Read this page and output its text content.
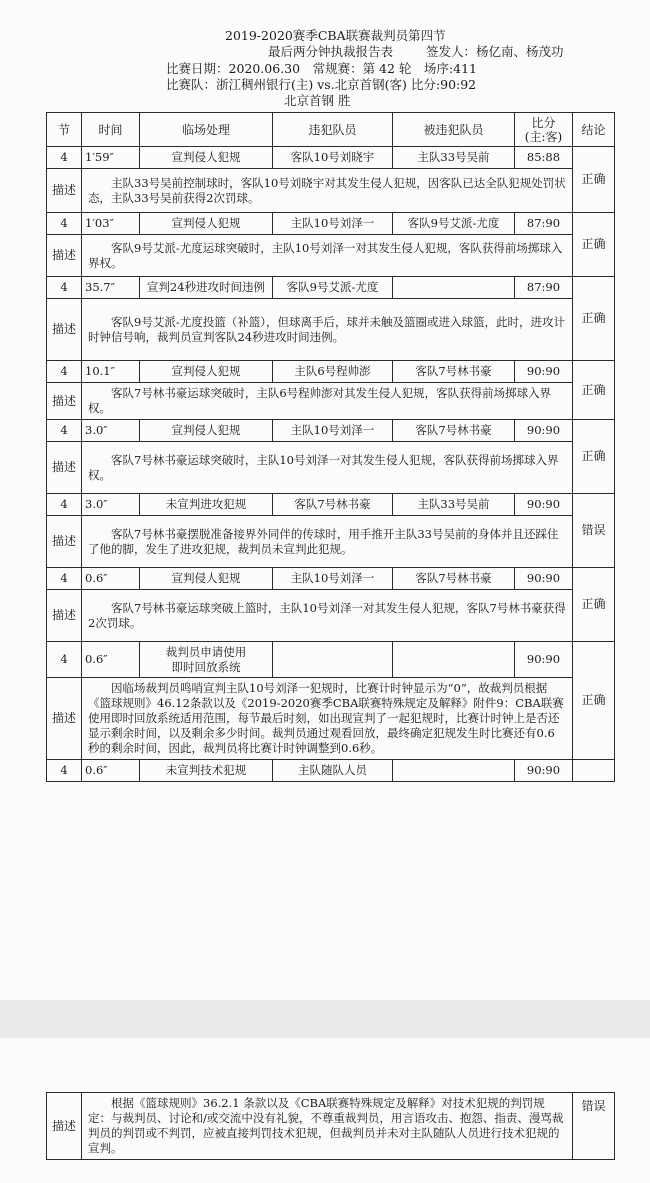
2019-2020赛季CBA联赛裁判员第四节
最后两分钟执裁报告表	签发人：杨亿南、杨茂功
比赛日期：2020.06.30　常规赛：第 42 轮　场序:411
比赛队：浙江稠州银行(主) vs.北京首钢(客) 比分:90:92
北京首钢 胜
节	时间	临场处理	违犯队员	被违犯队员	比分
(主:客)	结论
4	1′59″	宣判侵人犯规	客队10号刘晓宇	主队33号吴前	85:88	正确
描述	主队33号吴前控制球时，客队10号刘晓宇对其发生侵人犯规，因客队已达全队犯规处罚状态，主队33号吴前获得2次罚球。					
4	1′03″	宣判侵人犯规	主队10号刘泽一	客队9号艾派-尤度	87:90	正确
描述	客队9号艾派-尤度运球突破时，主队10号刘泽一对其发生侵人犯规，客队获得前场掷球入界权。					
4	35.7″	宣判24秒进攻时间违例	客队9号艾派-尤度		87:90	正确
描述	客队9号艾派-尤度投篮（补篮），但球离手后，球并未触及篮圈或进入球篮，此时，进攻计时钟信号响，裁判员宣判客队24秒进攻时间违例。					
4	10.1″	宣判侵人犯规	主队6号程帅澎	客队7号林书豪	90:90	正确
描述	客队7号林书豪运球突破时，主队6号程帅澎对其发生侵人犯规，客队获得前场掷球入界权。					
4	3.0″	宣判侵人犯规	主队10号刘泽一	客队7号林书豪	90:90	正确
描述	客队7号林书豪运球突破时，主队10号刘泽一对其发生侵人犯规，客队获得前场掷球入界权。					
4	3.0″	未宣判进攻犯规	客队7号林书豪	主队33号吴前	90:90	错误
描述	客队7号林书豪摆脱准备接界外同伴的传球时，用手推开主队33号吴前的身体并且还踩住了他的脚，发生了进攻犯规，裁判员未宣判此犯规。					
4	0.6″	宣判侵人犯规	主队10号刘泽一	客队7号林书豪	90:90	正确
描述	客队7号林书豪运球突破上篮时，主队10号刘泽一对其发生侵人犯规，客队7号林书豪获得2次罚球。					
4	0.6″	裁判员申请使用
即时回放系统			90:90	正确
描述	因临场裁判员鸣哨宣判主队10号刘泽一犯规时，比赛计时钟显示为“0”，故裁判员根据《篮球规则》46.12条款以及《2019-2020赛季CBA联赛特殊规定及解释》附件9：CBA联赛使用即时回放系统适用范围，每节最后时刻，如出现宣判了一起犯规时，比赛计时钟上是否还显示剩余时间，以及剩余多少时间。裁判员通过观看回放，最终确定犯规发生时比赛还有0.6秒的剩余时间，因此，裁判员将比赛计时钟调整到0.6秒。					
4	0.6″	未宣判技术犯规	主队随队人员		90:90	
描述	根据《篮球规则》36.2.1 条款以及《CBA联赛特殊规定及解释》对技术犯规的判罚规定：与裁判员、讨论和/或交流中没有礼貌，不尊重裁判员，用言语攻击、抱怨、指责、漫骂裁判员的判罚或不判罚，应被直接判罚技术犯规，但裁判员并未对主队随队人员进行技术犯规的宣判。	错误
